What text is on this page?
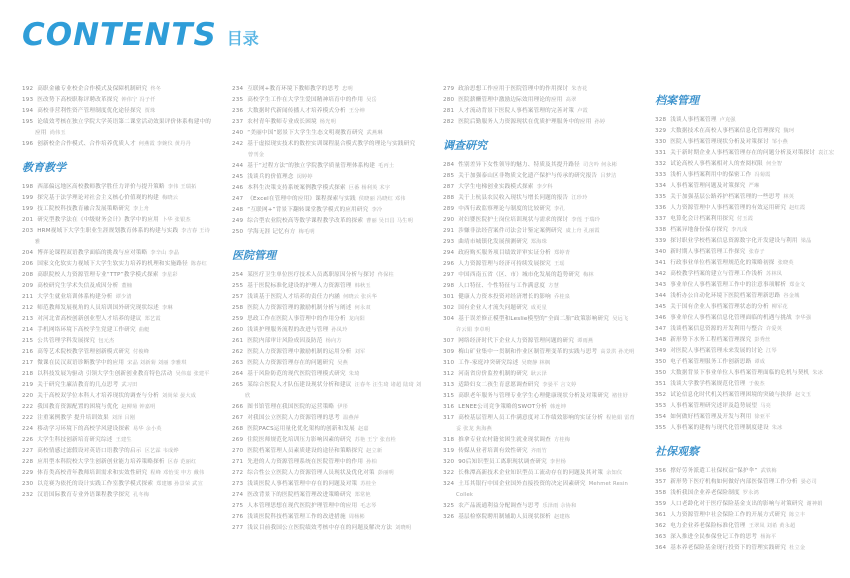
CONTENTS 目录
192 高职金融专业校企合作模式及保障机制研究 佟冬
193 医改势下高校职称评聘改革探究 钟伟宁 冯子仟
194 高校非营利性资产管理制度优化途径探究 贾珠
195 论绩效考核在独立学院大学英语第二课堂活动效果评价体系构建中的应用 尚伟玉
196 创新校企合作模式、合作培养优质人才 何燕霞 李婉仪 黄丹丹
教育教学
198 西部偏远地区高校教师教学胜任力评价与提升策略 李伟 王瑞拓
199 探究基于法学理论对社会主义核心价值观的构建 梅晓云
199 技工院校科技教育融合发展策略研究 李上舟
201 研究型教学法在《中级财务会计》教学中的应用 卜华 张银杰
203 HRM视域下大学生职业生涯规划教育体系的构建与实践 李吉春 王诗雅
204 博弈论课程双语教学面临的挑战与应对策略 李辛山 李晶
206 国家文化软实力视域下大学生软实力培养的机理和实施路径 陈春红
208 高职院校人力资源管理专业“TTP”教学模式探索 李星彩
209 高校研究生学术失信及成因分析 董楠
211 大学生就业培训体系构建分析 谭少清
212 师范教师发展视角的人员培训国外研究现状综述 李琳
213 对河北省高校创新创业型人才培养的建议 郑艺霞
214 手机网络环境下高校学生党建工作研究 曲艇
215 公共管理学科发展探究 包元杰
216 高等艺术院校教学管理创新模式研究 付俊峰
217 微课在民汉双语诊断教学中的应用 宋晶 刘新菊 刘丽 李雅琪
218 以科技发展为驱动 引领大学生创新创业教育特色活动 吴伟嘉 张建平
219 关于研究生廉洁教育的几点思考 武习田
220 关于高校双学位本科人才培养现状的调查与分析 刘尚荣 晏大成
222 我国教育资源配置的困境与优化 赵柳菊 钟嘉明
222 注重案例教学 提升培训效果 刘泽 吕刚
224 移动学习环境下的高校学风建设探索 易华 余小英
226 大学生科技创新培育研究综述 王建生
227 高校情感过滤假设对英语口语教学的启示 区艺霖 韦成烨
228 应用型本科院校大学生创新创业能力培养策略探析 区春 范丽红
229 体育类高校青年教师培训需求和实效性研究 程峰 邓怡雯 申方 戴伟
230 以竞赛为依托的设计实践工作室教学模式探索 郑建娜 孙景荣 武宣
232 汉语国际教育专业外语课程教学探究 孔冬梅
234 互联网+教育环境下教师教学的思考 忠明
235 高校学生工作在大学生爱国精神培育中的作用 吴岳
236 大数据时代新闻传播人才培养模式分析 王分绅
237 农村青年教师专业成长困境 杨光明
240 “美丽中国”愿景下大学生生态文明观教育研究 武燕琳
242 基于虚拟现实技术的数控实训课程混合模式教学的理论与实践研究曾刊金
244 基于“过程方法”的独立学院教学质量管理体系构建 毛丙土
245 浅谈兵的价值理念 闵婷婷
246 本科生决策支持系统案例教学模式探索 巨番 杨利英 术宇
247 《Excel在管理中的应用》课程探索与实践 侯晓丽 冯晓红 邓伟
248 “互联网+”背景下翻转课堂教学模式的应用研究 李冷
249 综合型农业院校高等数学课程教学改革的探索 曹丽 吴日昌 马生明
250 学海无涯 记忆有方 梅毛明
医院管理
254 某医疗卫生单位医疗技术人员离职原因分析与探讨 佟保柱
255 基于医院标准化建设的护理人力资源管理 韩秋玉
257 浅谈基于医院人才培养的责任力内涵 何晓云 张兵华
258 医院人力资源管理的激励机制分析与阐述 何永双
259 思政工作在医院人事管理中的作用分析 龙向阳
260 浅谈护理服务流程的改进与管理 孙凤玲
261 医院内部审计风险成因及防范 杨向方
262 医院人力资源管理中激励机制的运用分析 刘军
263 医院人力资源管理存在的问题研究 吴燕
264 基于风险防范的现代医院管理模式研究 朱琦
265 某综合医院人才队伍建设现状分析和建议 汪春冬 汪生琦 诸超 陆琦 刘欣
266 图书馆管理在我国医院的运营策略 伊彤
267 对我国公立医院人力资源管理的思考 温燕萍
268 医院PACS运用量化优化架构的创新和发展 赵嘉
269 住院医师规范化培训压力影响因素的研究 苏艳 王宁 张直栓
270 医院档案管理人员素质建设的途径和策略探究 赵立新
271 先进的人力资源管理系统在医院管理中的作用 孙柏
272 综合性公立医院人力资源管理人员现状及优化对策 彭丽明
273 浅谈医院人事档案管理中存在的问题及对策 苏桂全
274 医改背景下的医院档案管理改进策略研究 郑常艳
275 人本管理思想在现代医院护理管理中的应用 毛志琴
276 浅谈医院科技档案管理工作的改进措施 周杨彬
277 浅议目前我国公立医院绩效考核中存在的问题及解决方法 刘晓明
279 政治思想工作应用于医院管理中的作用探讨 朱杏花
280 医院薪酬管理中激励边际效用理论的应用 高翠
281 人才流动背景下医院人事档案管理的完善对策 卢霞
282 医院后勤服务人力资源现状在优质护理服务中的应用 孙婷
调查研究
284 性别差异下女性领导的魅力、特质及其提升路径 司含吟 何永彬
285 关于加强泰山区非物质文化遗产保护与传承的研究报告 吕梦洁
287 大学生电梯创业实践模式探索 李夕科
288 关于上杭县农民收入现状与增长问题的报告 江珍玲
289 中西行政监察理论与制度的比较研究 李孔
290 对妇婴医院护士岗位培训现状与需求的探讨 李莲 于瑞玲
291 涉嫌非法经营案件司法会计鉴定案例研究 虞上舟 孔丽霞
293 曲靖市城镇化发展预测研究 郑海珠
294 政府购买服务项目绩效评审实证分析 郑婷青
296 人力资源管理与经济可持续发展探究 王瑶
297 中国西南五省（区、市）城市化发展的趋势研究 梅林
298 人口特征、个性特征与工作满意度 方慧
301 健康人力资本投资对经济增长的影响 乔桂泉
302 国有企业人才流失问题研究 成更星
304 基于误差修正模型和Leslie模型的“全面二胎”政策影响研究 吴远飞 许云娟 李卓明
307 网络经济时代下企业人力资源管理问题的研究 谭雨燕
309 梅山矿业集中一贯制和作业区制管理变革的实践与思考 高景洪 孙光明
310 工作-家庭冲突研究综述 吴晓静 林枫
312 河南省房价监控机制的研究 耿云泽
313 适龄妇女二孩生育意愿调查研究 李晏平 言文婷
315 高职老年服务与管理专业学生心理健康现状分析及对策研究 褚佳妤
316 LENEE公司竞争策略的SWOT分析 韩连坤
317 高校基层管理人员工作满意度对工作绩效影响的实证分析 程艳娟 雷育妥 张龙 焦海燕
318 推拿专业农村籍贫困生就业现状调查 方桂梅
319 传媒从业者培训有效性研究 齐雨竹
320 90后知识型员工离职现状调查研究 李世杨
322 长株潭高新技术企业知识型员工流动存在的问题及其对策 余知仪
324 土耳其银行中国企业国外直接投资的决定因素研究 Mehmet Resin Collek
325 农产品流通利益分配调查与思考 乐泽雨 佘协和
326 基层检察院聘用制辅助人员现状探析 赵建栋
档案管理
328 浅谈人事档案管理 卢克强
329 大数据技术在高校人事档案信息化管理探究 魏珂
330 医院人事档案管理现状分析及对策探讨 邹小燕
331 关于新时期企业人事档案管理存在的问题分析及对策探讨 袁江宏
332 试论高校人事档案相对人的查阅权限 何全智
333 浅析人事档案利用中的保密工作 冯菊霞
334 人事档案管理问题及对策探究 严琳
335 关于加强基层公路养护档案管理的一些思考 林英
336 人力资源管理中人事档案管理的有效运用研究 赵红霞
337 电算化会计档案利用探究 付玉霞
338 档案异地备份保存探究 李凡成
339 探讨职业学校档案信息资源数字化开发建设与利用 梁晶
340 新时期人事档案管理工作探究 张春子
341 行政事业单位档案管理规范化的策略初探 张晓英
342 高校教学档案的建立与管理工作浅析 苏林凤
343 事业单位人事档案管理工作中的注意事项解析 郑金文
344 浅析办公自动化环境下医院档案管理新思路 谷金城
345 关于国有企业人事档案管理状态的分析 柳军花
346 事业单位人事档案信息化管理面临的机遇与挑战 李华强
347 浅谈档案信息资源的开发利用与整合 许爱英
348 新形势下水务工程档案管理探究 彭秀丝
349 对医院人事档案管理未来发展的讨论 江琴
350 电子档案管理服务工作创新思路 谭成
350 大数据背景下事业单位人事档案管理面临的危机与契机 朱冰
351 浅谈大学教学档案规范化管理 于俊杰
352 试论信息化时代机关档案管理困境的突破与抉择 赵文玉
353 人事档案管理研究述评及趋势展望 马亮
354 如何做好档案管理及开发与利用 徐亚平
355 人事档案的建构与现代化管理制度建设 朱冰
社保观察
356 撑好劳务派遣工社保权益“保护伞” 武铁梅
357 新形势下医疗机构如何做好内部医保管理工作分析 晏必司
358 浅析我国企业养老保险制度 罗永鸿
359 人口老龄化对于医疗保险基金支出的影响与对策研究 谢神娟
361 人力资源管理中社会保险工作的开展方式研究 陈立丰
362 电力企业养老保险标准化管理 王翠凤 刘希 黄永超
363 深入推进全民参保登记工作的思考 杨海平
364 基本养老保险基金现行投资下的管理实践研究 杜立金
